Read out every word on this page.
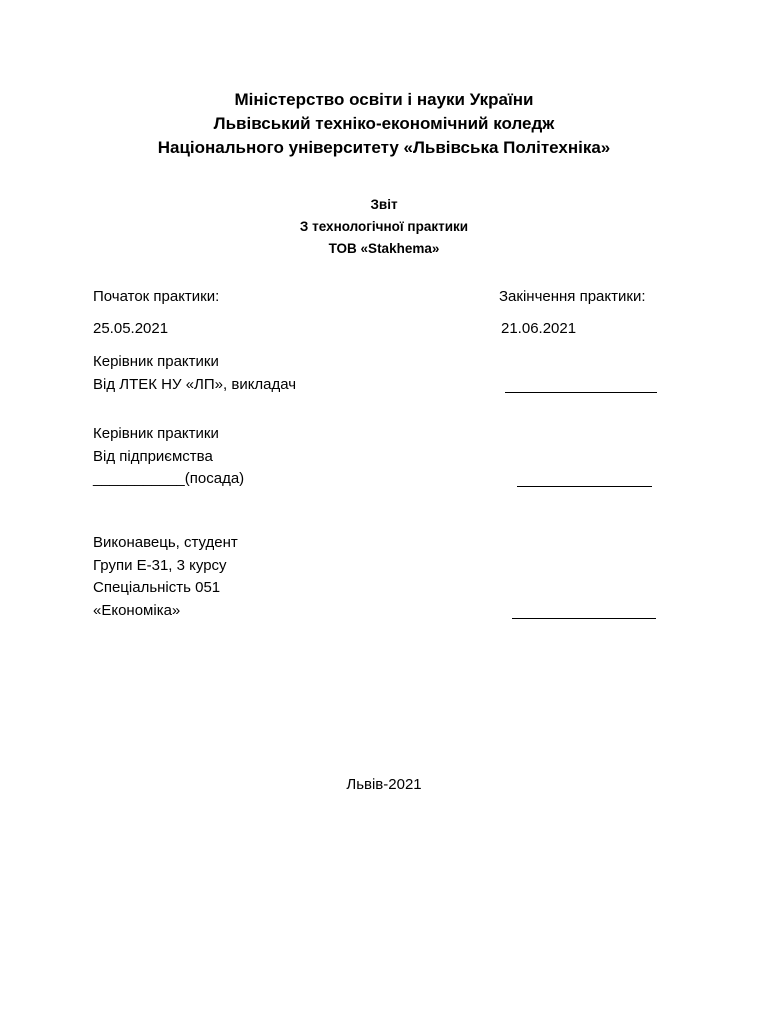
Міністерство освіти і науки України
Львівський техніко-економічний коледж
Національного університету «Львівська Політехніка»
Звіт
З технологічної практики
ТОВ «Stakhema»
Початок практики:	Закінчення практики:
25.05.2021	21.06.2021
Керівник практики
Від ЛТЕК НУ «ЛП», викладач
Керівник практики
Від підприємства
___________(посада)
Виконавець, студент
Групи Е-31, 3 курсу
Спеціальність 051
«Економіка»
Львів-2021
